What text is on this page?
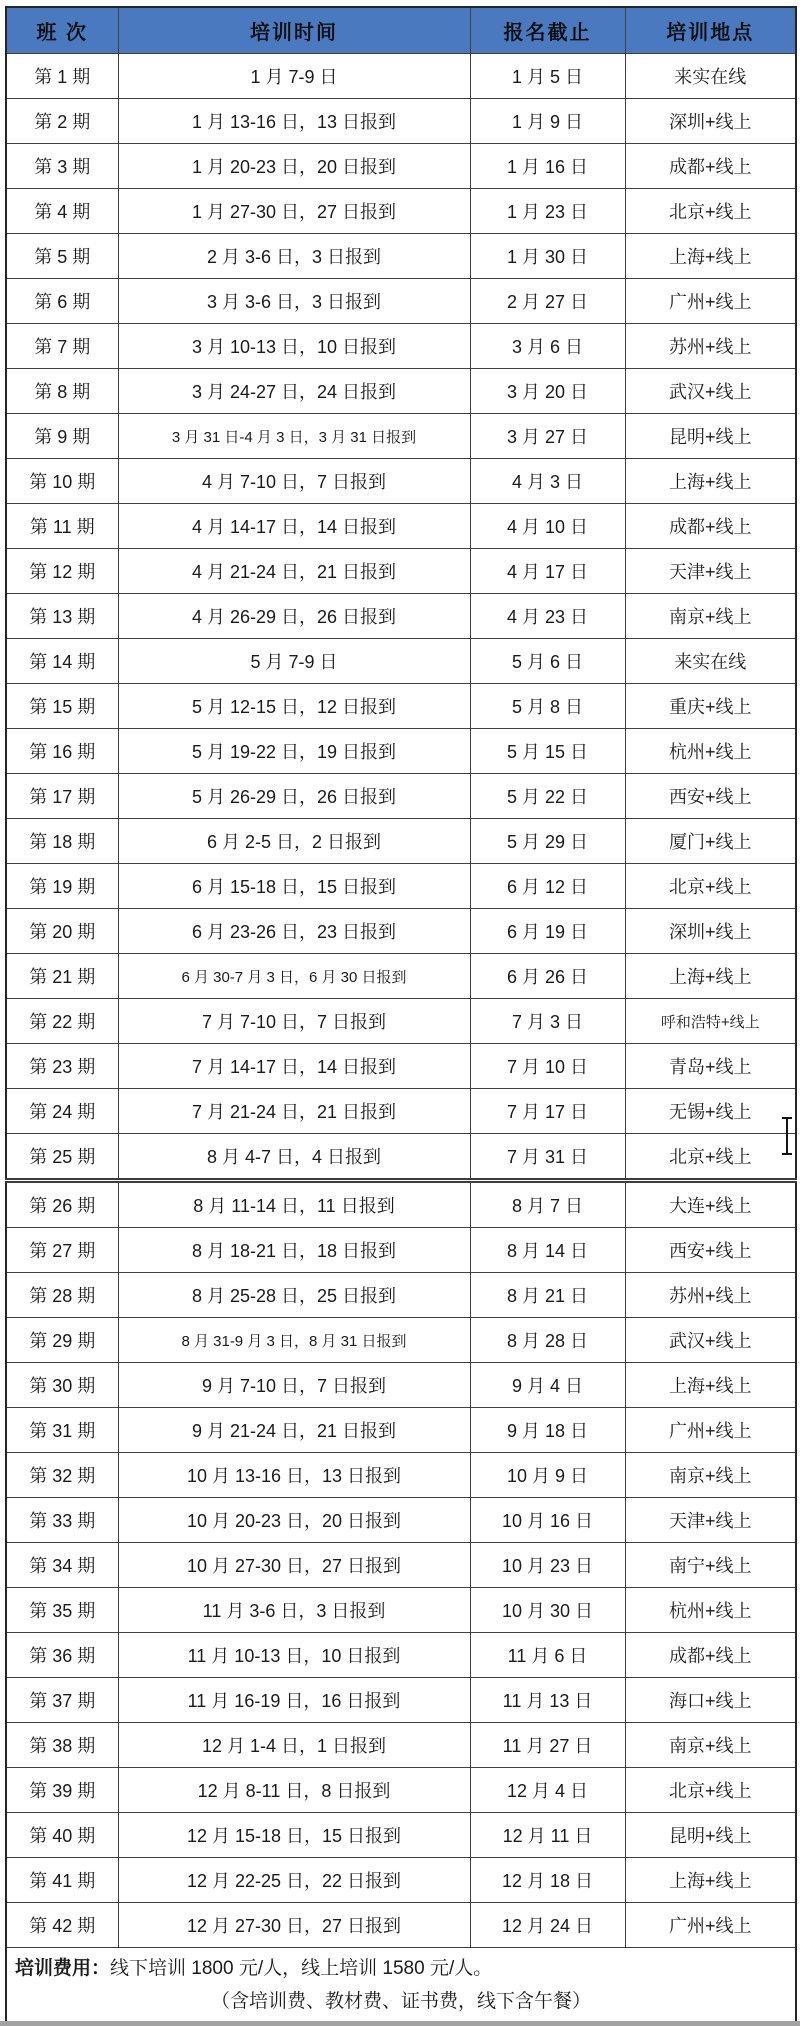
班 次	培训时间	报名截止	培训地点
第 1 期	1 月 7-9 日	1 月 5 日	来实在线
第 2 期	1 月 13-16 日，13 日报到	1 月 9 日	深圳+线上
第 3 期	1 月 20-23 日，20 日报到	1 月 16 日	成都+线上
第 4 期	1 月 27-30 日，27 日报到	1 月 23 日	北京+线上
第 5 期	2 月 3-6 日，3 日报到	1 月 30 日	上海+线上
第 6 期	3 月 3-6 日，3 日报到	2 月 27 日	广州+线上
第 7 期	3 月 10-13 日，10 日报到	3 月 6 日	苏州+线上
第 8 期	3 月 24-27 日，24 日报到	3 月 20 日	武汉+线上
第 9 期	3 月 31 日-4 月 3 日，3 月 31 日报到	3 月 27 日	昆明+线上
第 10 期	4 月 7-10 日，7 日报到	4 月 3 日	上海+线上
第 11 期	4 月 14-17 日，14 日报到	4 月 10 日	成都+线上
第 12 期	4 月 21-24 日，21 日报到	4 月 17 日	天津+线上
第 13 期	4 月 26-29 日，26 日报到	4 月 23 日	南京+线上
第 14 期	5 月 7-9 日	5 月 6 日	来实在线
第 15 期	5 月 12-15 日，12 日报到	5 月 8 日	重庆+线上
第 16 期	5 月 19-22 日，19 日报到	5 月 15 日	杭州+线上
第 17 期	5 月 26-29 日，26 日报到	5 月 22 日	西安+线上
第 18 期	6 月 2-5 日，2 日报到	5 月 29 日	厦门+线上
第 19 期	6 月 15-18 日，15 日报到	6 月 12 日	北京+线上
第 20 期	6 月 23-26 日，23 日报到	6 月 19 日	深圳+线上
第 21 期	6 月 30-7 月 3 日，6 月 30 日报到	6 月 26 日	上海+线上
第 22 期	7 月 7-10 日，7 日报到	7 月 3 日	呼和浩特+线上
第 23 期	7 月 14-17 日，14 日报到	7 月 10 日	青岛+线上
第 24 期	7 月 21-24 日，21 日报到	7 月 17 日	无锡+线上
第 25 期	8 月 4-7 日，4 日报到	7 月 31 日	北京+线上
第 26 期	8 月 11-14 日，11 日报到	8 月 7 日	大连+线上
第 27 期	8 月 18-21 日，18 日报到	8 月 14 日	西安+线上
第 28 期	8 月 25-28 日，25 日报到	8 月 21 日	苏州+线上
第 29 期	8 月 31-9 月 3 日，8 月 31 日报到	8 月 28 日	武汉+线上
第 30 期	9 月 7-10 日，7 日报到	9 月 4 日	上海+线上
第 31 期	9 月 21-24 日，21 日报到	9 月 18 日	广州+线上
第 32 期	10 月 13-16 日，13 日报到	10 月 9 日	南京+线上
第 33 期	10 月 20-23 日，20 日报到	10 月 16 日	天津+线上
第 34 期	10 月 27-30 日，27 日报到	10 月 23 日	南宁+线上
第 35 期	11 月 3-6 日，3 日报到	10 月 30 日	杭州+线上
第 36 期	11 月 10-13 日，10 日报到	11 月 6 日	成都+线上
第 37 期	11 月 16-19 日，16 日报到	11 月 13 日	海口+线上
第 38 期	12 月 1-4 日，1 日报到	11 月 27 日	南京+线上
第 39 期	12 月 8-11 日，8 日报到	12 月 4 日	北京+线上
第 40 期	12 月 15-18 日，15 日报到	12 月 11 日	昆明+线上
第 41 期	12 月 22-25 日，22 日报到	12 月 18 日	上海+线上
第 42 期	12 月 27-30 日，27 日报到	12 月 24 日	广州+线上

培训费用：线下培训 1800 元/人，线上培训 1580 元/人。
（含培训费、教材费、证书费，线下含午餐）			
